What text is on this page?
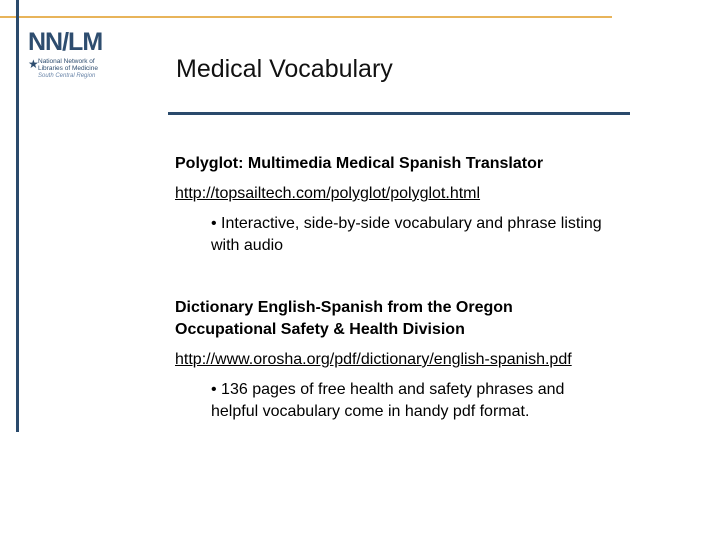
NN/LM
★ National Network of
Libraries of Medicine
South Central Region	Medical Vocabulary
Polyglot: Multimedia Medical Spanish Translator
http://topsailtech.com/polyglot/polyglot.html
• Interactive, side-by-side vocabulary and phrase listing with audio
Dictionary English-Spanish from the Oregon Occupational Safety & Health Division
http://www.orosha.org/pdf/dictionary/english-spanish.pdf
• 136 pages of free health and safety phrases and helpful vocabulary come in handy pdf format.
